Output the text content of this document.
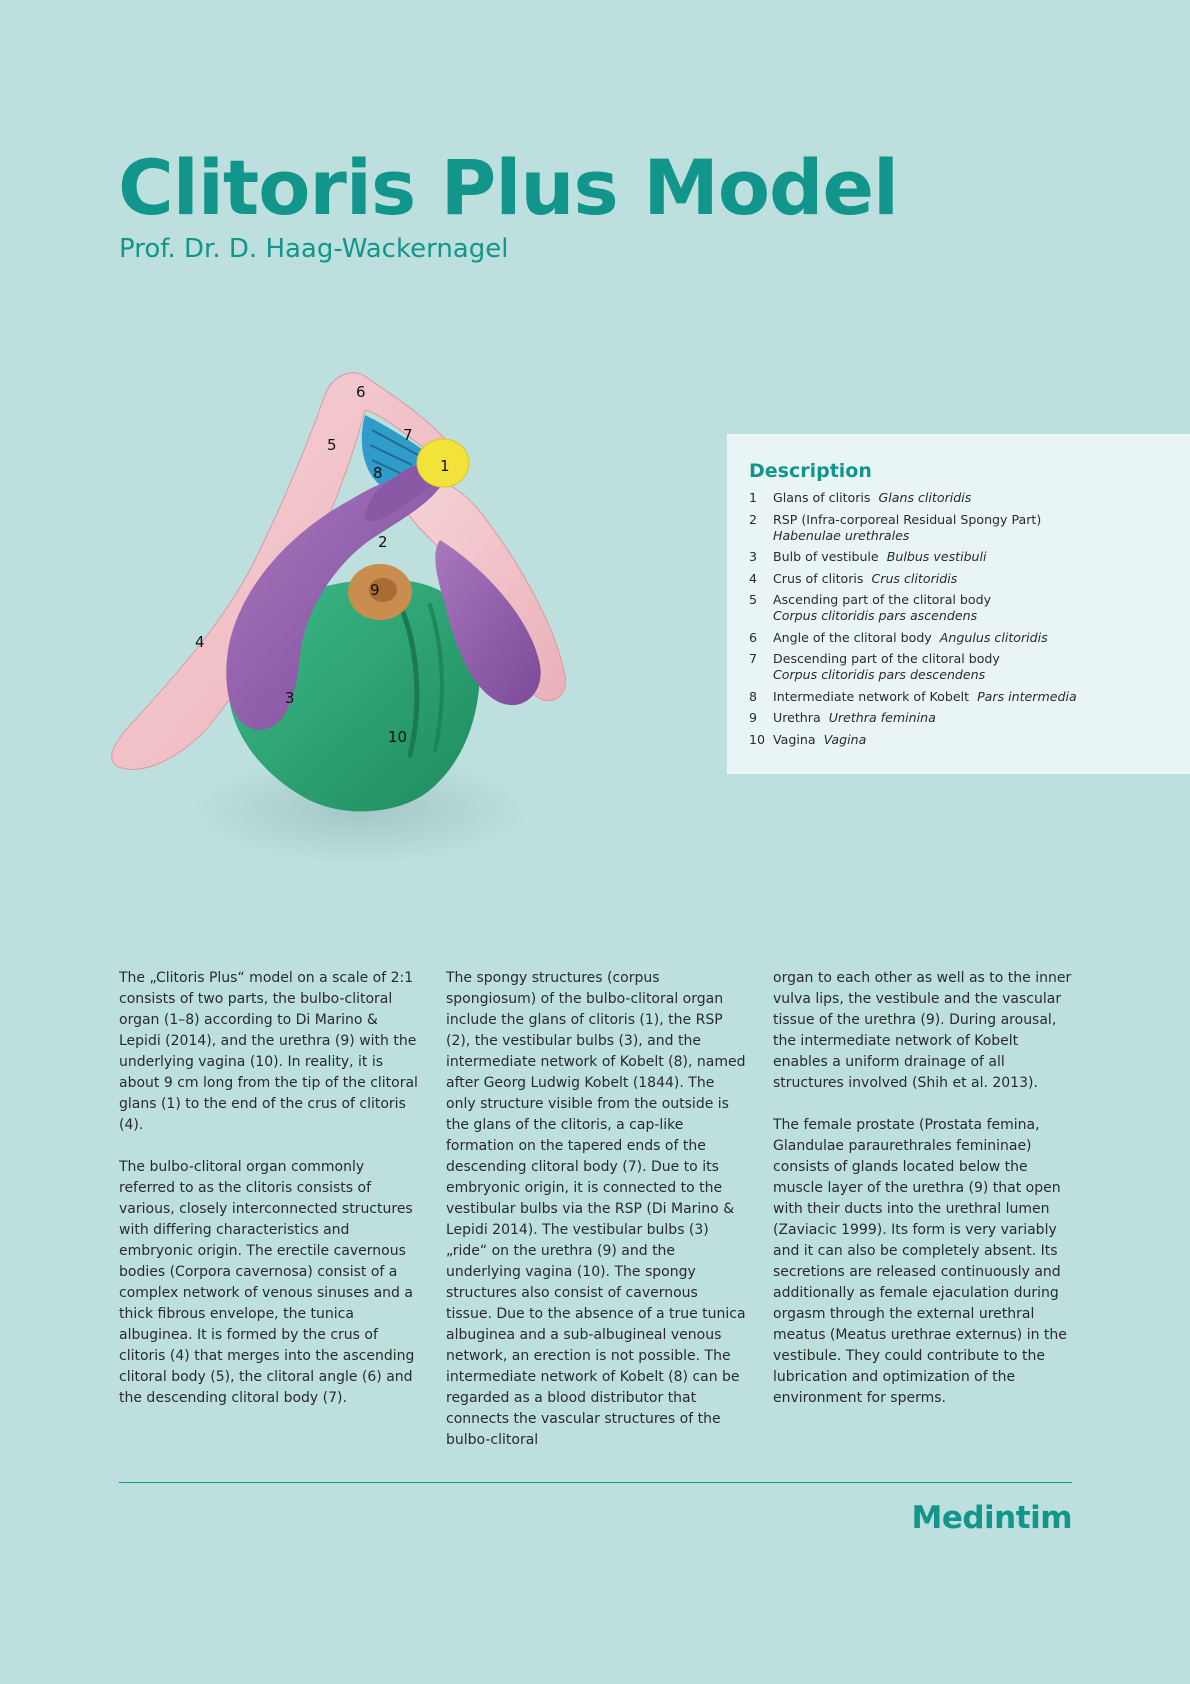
Clitoris Plus Model
Prof. Dr. D. Haag-Wackernagel
1
2
3
4
5
6
7
8
9
10
Description
1	Glans of clitoris Glans clitoridis
2	RSP (Infra-corporeal Residual Spongy Part)
Habenulae urethrales
3	Bulb of vestibule Bulbus vestibuli
4	Crus of clitoris Crus clitoridis
5	Ascending part of the clitoral body
Corpus clitoridis pars ascendens
6	Angle of the clitoral body Angulus clitoridis
7	Descending part of the clitoral body
Corpus clitoridis pars descendens
8	Intermediate network of Kobelt Pars intermedia
9	Urethra Urethra feminina
10 Vagina Vagina

The „Clitoris Plus“ model on a scale of 2:1 consists of two parts, the bulbo-clitoral organ (1–8) according to Di Marino & Lepidi (2014), and the urethra (9) with the underlying vagina (10). In reality, it is about 9 cm long from the tip of the clitoral glans (1) to the end of the crus of clitoris (4).

The bulbo-clitoral organ commonly referred to as the clitoris consists of various, closely interconnected structures with differing characteristics and embryonic origin. The erectile cavernous bodies (Corpora cavernosa) consist of a complex network of venous sinuses and a thick fibrous envelope, the tunica albuginea. It is formed by the crus of clitoris (4) that merges into the ascending clitoral body (5), the clitoral angle (6) and the descending clitoral body (7).

The spongy structures (corpus spongiosum) of the bulbo-clitoral organ include the glans of clitoris (1), the RSP (2), the vestibular bulbs (3), and the intermediate network of Kobelt (8), named after Georg Ludwig Kobelt (1844). The only structure visible from the outside is the glans of the clitoris, a cap-like formation on the tapered ends of the descending clitoral body (7). Due to its embryonic origin, it is connected to the vestibular bulbs via the RSP (Di Marino & Lepidi 2014). The vestibular bulbs (3) „ride“ on the urethra (9) and the underlying vagina (10). The spongy structures also consist of cavernous tissue. Due to the absence of a true tunica albuginea and a sub-albugineal venous network, an erection is not possible. The intermediate network of Kobelt (8) can be regarded as a blood distributor that connects the vascular structures of the bulbo-clitoral

organ to each other as well as to the inner vulva lips, the vestibule and the vascular tissue of the urethra (9). During arousal, the intermediate network of Kobelt enables a uniform drainage of all structures involved (Shih et al. 2013).

The female prostate (Prostata femina, Glandulae paraurethrales femininae) consists of glands located below the muscle layer of the urethra (9) that open with their ducts into the urethral lumen (Zaviacic 1999). Its form is very variably and it can also be completely absent. Its secretions are released continuously and additionally as female ejaculation during orgasm through the external urethral meatus (Meatus urethrae externus) in the vestibule. They could contribute to the lubrication and optimization of the environment for sperms.

Medintim
